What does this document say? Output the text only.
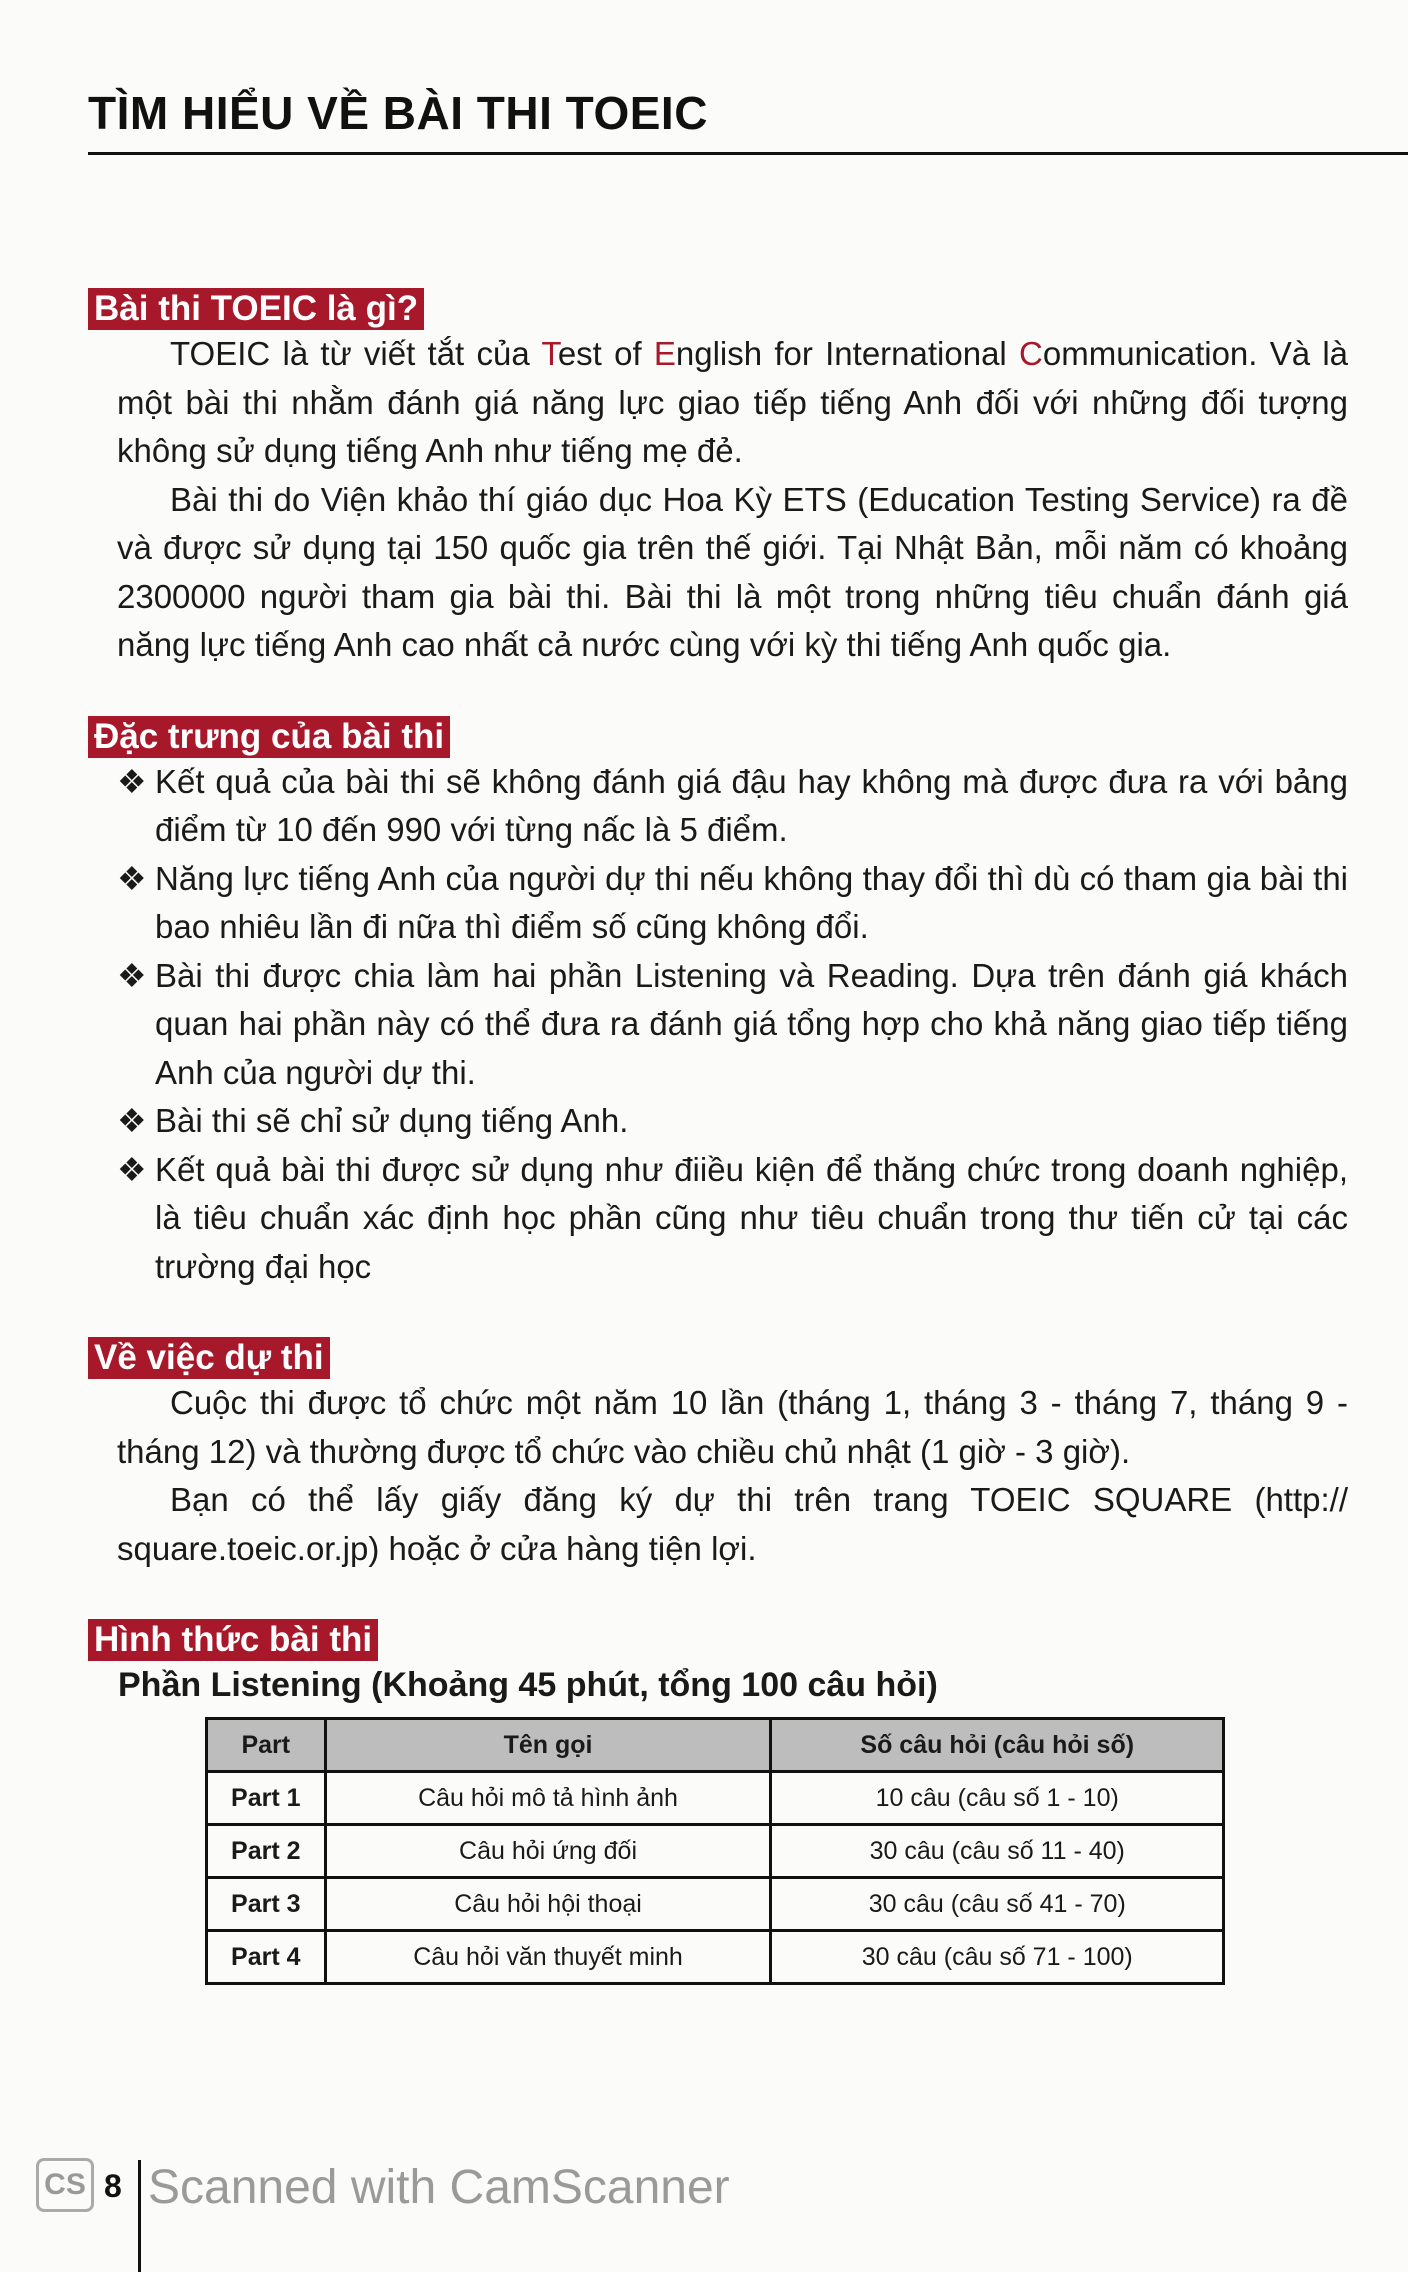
TÌM HIỂU VỀ BÀI THI TOEIC
Bài thi TOEIC là gì?

TOEIC là từ viết tắt của Test of English for International Communication. Và là một bài thi nhằm đánh giá năng lực giao tiếp tiếng Anh đối với những đối tượng không sử dụng tiếng Anh như tiếng mẹ đẻ.

Bài thi do Viện khảo thí giáo dục Hoa Kỳ ETS (Education Testing Service) ra đề và được sử dụng tại 150 quốc gia trên thế giới. Tại Nhật Bản, mỗi năm có khoảng 2300000 người tham gia bài thi. Bài thi là một trong những tiêu chuẩn đánh giá năng lực tiếng Anh cao nhất cả nước cùng với kỳ thi tiếng Anh quốc gia.

Đặc trưng của bài thi
❖ Kết quả của bài thi sẽ không đánh giá đậu hay không mà được đưa ra với bảng điểm từ 10 đến 990 với từng nấc là 5 điểm.
❖ Năng lực tiếng Anh của người dự thi nếu không thay đổi thì dù có tham gia bài thi bao nhiêu lần đi nữa thì điểm số cũng không đổi.
❖ Bài thi được chia làm hai phần Listening và Reading. Dựa trên đánh giá khách quan hai phần này có thể đưa ra đánh giá tổng hợp cho khả năng giao tiếp tiếng Anh của người dự thi.
❖ Bài thi sẽ chỉ sử dụng tiếng Anh.
❖ Kết quả bài thi được sử dụng như điiều kiện để thăng chức trong doanh nghiệp, là tiêu chuẩn xác định học phần cũng như tiêu chuẩn trong thư tiến cử tại các trường đại học
Về việc dự thi

Cuộc thi được tổ chức một năm 10 lần (tháng 1, tháng 3 - tháng 7, tháng 9 - tháng 12) và thường được tổ chức vào chiều chủ nhật (1 giờ - 3 giờ).

Bạn có thể lấy giấy đăng ký dự thi trên trang TOEIC SQUARE (http:// square.toeic.or.jp) hoặc ở cửa hàng tiện lợi.

Hình thức bài thi
Phần Listening (Khoảng 45 phút, tổng 100 câu hỏi)
Part	Tên gọi	Số câu hỏi (câu hỏi số)
Part 1	Câu hỏi mô tả hình ảnh	10 câu (câu số 1 - 10)
Part 2	Câu hỏi ứng đối	30 câu (câu số 11 - 40)
Part 3	Câu hỏi hội thoại	30 câu (câu số 41 - 70)
Part 4	Câu hỏi văn thuyết minh	30 câu (câu số 71 - 100)
CS 8 Scanned with CamScanner
